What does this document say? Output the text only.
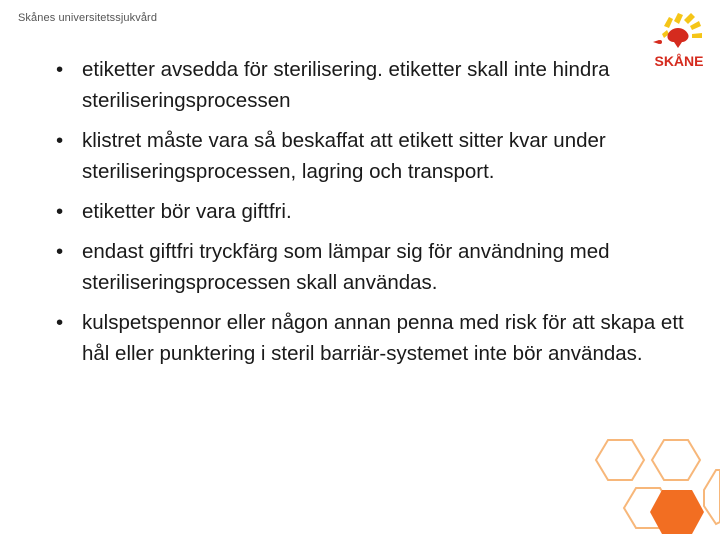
Skånes universitetssjukvård
SKÅNE
• etiketter avsedda för sterilisering. etiketter skall inte hindra steriliseringsprocessen
• klistret måste vara så beskaffat att etikett sitter kvar under steriliseringsprocessen, lagring och transport.
• etiketter bör vara giftfri.
• endast giftfri tryckfärg som lämpar sig för användning med steriliseringsprocessen skall användas.
• kulspetspennor eller någon annan penna med risk för att skapa ett hål eller punktering i steril barriär-systemet inte bör användas.
